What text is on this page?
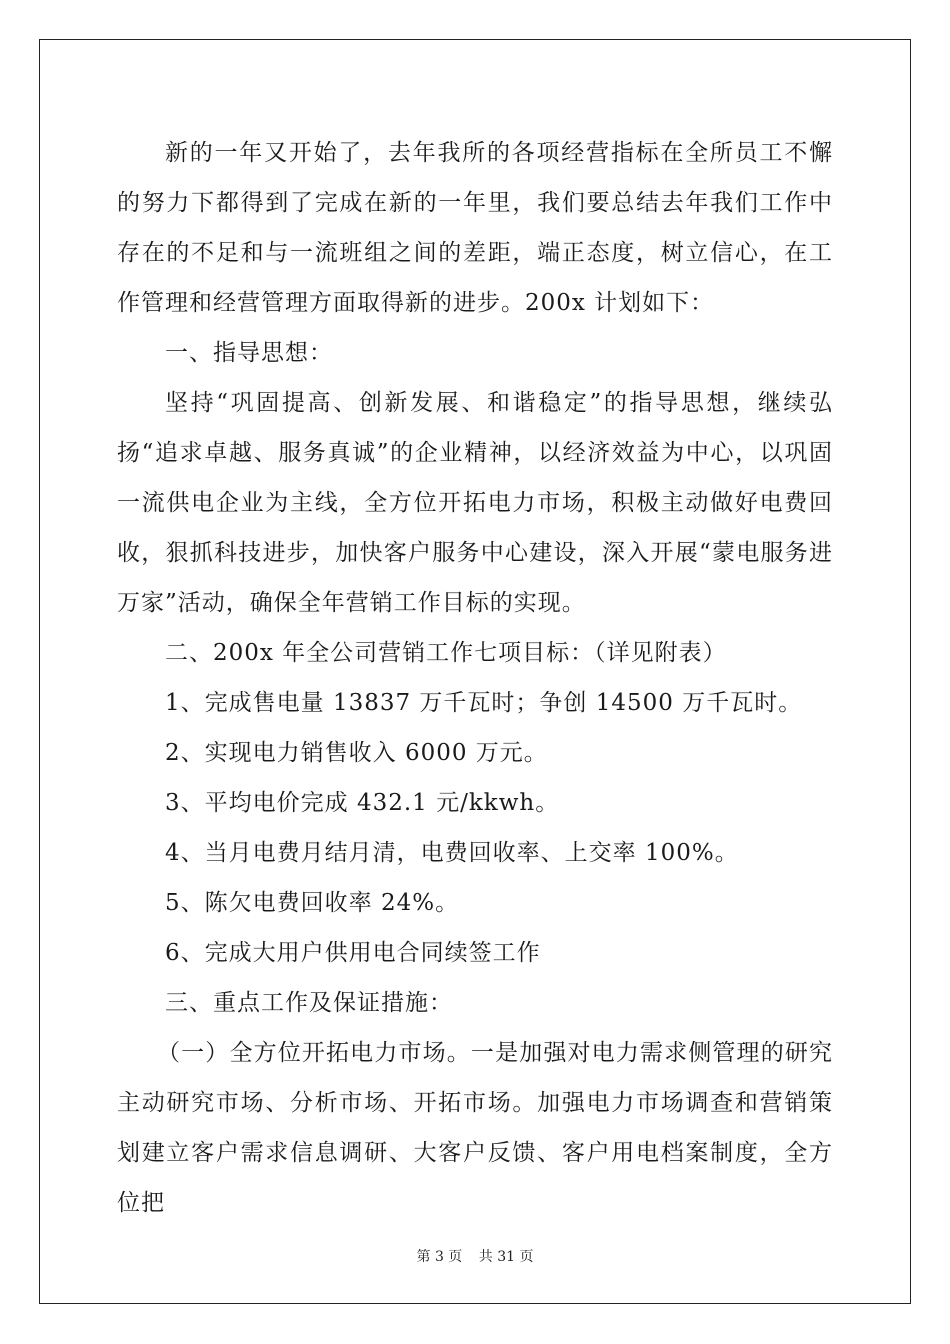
新的一年又开始了，去年我所的各项经营指标在全所员工不懈的努力下都得到了完成在新的一年里，我们要总结去年我们工作中存在的不足和与一流班组之间的差距，端正态度，树立信心，在工作管理和经营管理方面取得新的进步。200x 计划如下：

一、指导思想：

坚持“巩固提高、创新发展、和谐稳定”的指导思想，继续弘扬“追求卓越、服务真诚”的企业精神，以经济效益为中心，以巩固一流供电企业为主线，全方位开拓电力市场，积极主动做好电费回收，狠抓科技进步，加快客户服务中心建设，深入开展“蒙电服务进万家”活动，确保全年营销工作目标的实现。

二、200x 年全公司营销工作七项目标：（详见附表）

1、完成售电量 13837 万千瓦时；争创 14500 万千瓦时。

2、实现电力销售收入 6000 万元。

3、平均电价完成 432.1 元/kkwh。

4、当月电费月结月清，电费回收率、上交率 100%。

5、陈欠电费回收率 24%。

6、完成大用户供用电合同续签工作

三、重点工作及保证措施：

（一）全方位开拓电力市场。一是加强对电力需求侧管理的研究主动研究市场、分析市场、开拓市场。加强电力市场调查和营销策划建立客户需求信息调研、大客户反馈、客户用电档案制度，全方位把

第 3 页 共 31 页
